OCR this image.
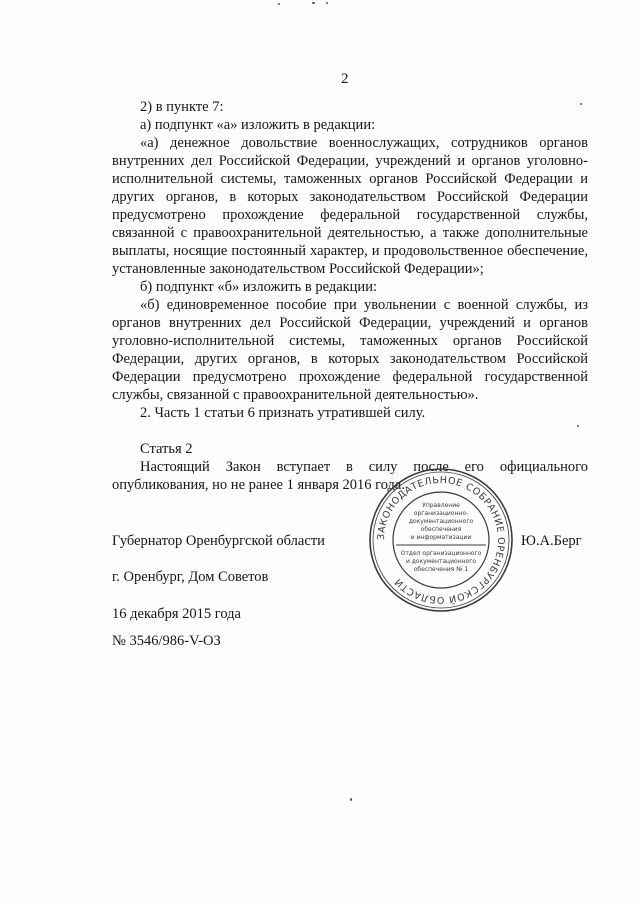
2
2) в пункте 7:
а) подпункт «а» изложить в редакции:
«а) денежное довольствие военнослужащих, сотрудников органов
внутренних дел Российской Федерации, учреждений и органов уголовно-
исполнительной системы, таможенных органов Российской Федерации и
других органов, в которых законодательством Российской Федерации
предусмотрено прохождение федеральной государственной службы,
связанной с правоохранительной деятельностью, а также дополнительные
выплаты, носящие постоянный характер, и продовольственное обеспечение,
установленные законодательством Российской Федерации»;
б) подпункт «б» изложить в редакции:
«б) единовременное пособие при увольнении с военной службы, из
органов внутренних дел Российской Федерации, учреждений и органов
уголовно-исполнительной системы, таможенных органов Российской
Федерации, других органов, в которых законодательством Российской
Федерации предусмотрено прохождение федеральной государственной
службы, связанной с правоохранительной деятельностью».
2. Часть 1 статьи 6 признать утратившей силу.
Статья 2
Настоящий Закон вступает в силу после его официального
опубликования, но не ранее 1 января 2016 года.
Губернатор Оренбургской области	Ю.А.Берг
г. Оренбург, Дом Советов
16 декабря 2015 года
№ 3546/986-V-ОЗ
ЗАКОНОДАТЕЛЬНОЕ СОБРАНИЕ ОРЕНБУРГСКОЙ ОБЛАСТИ
Управление
организационно-
документационного
обеспечения
и информатизации
Отдел организационного
и документационного
обеспечения № 1
